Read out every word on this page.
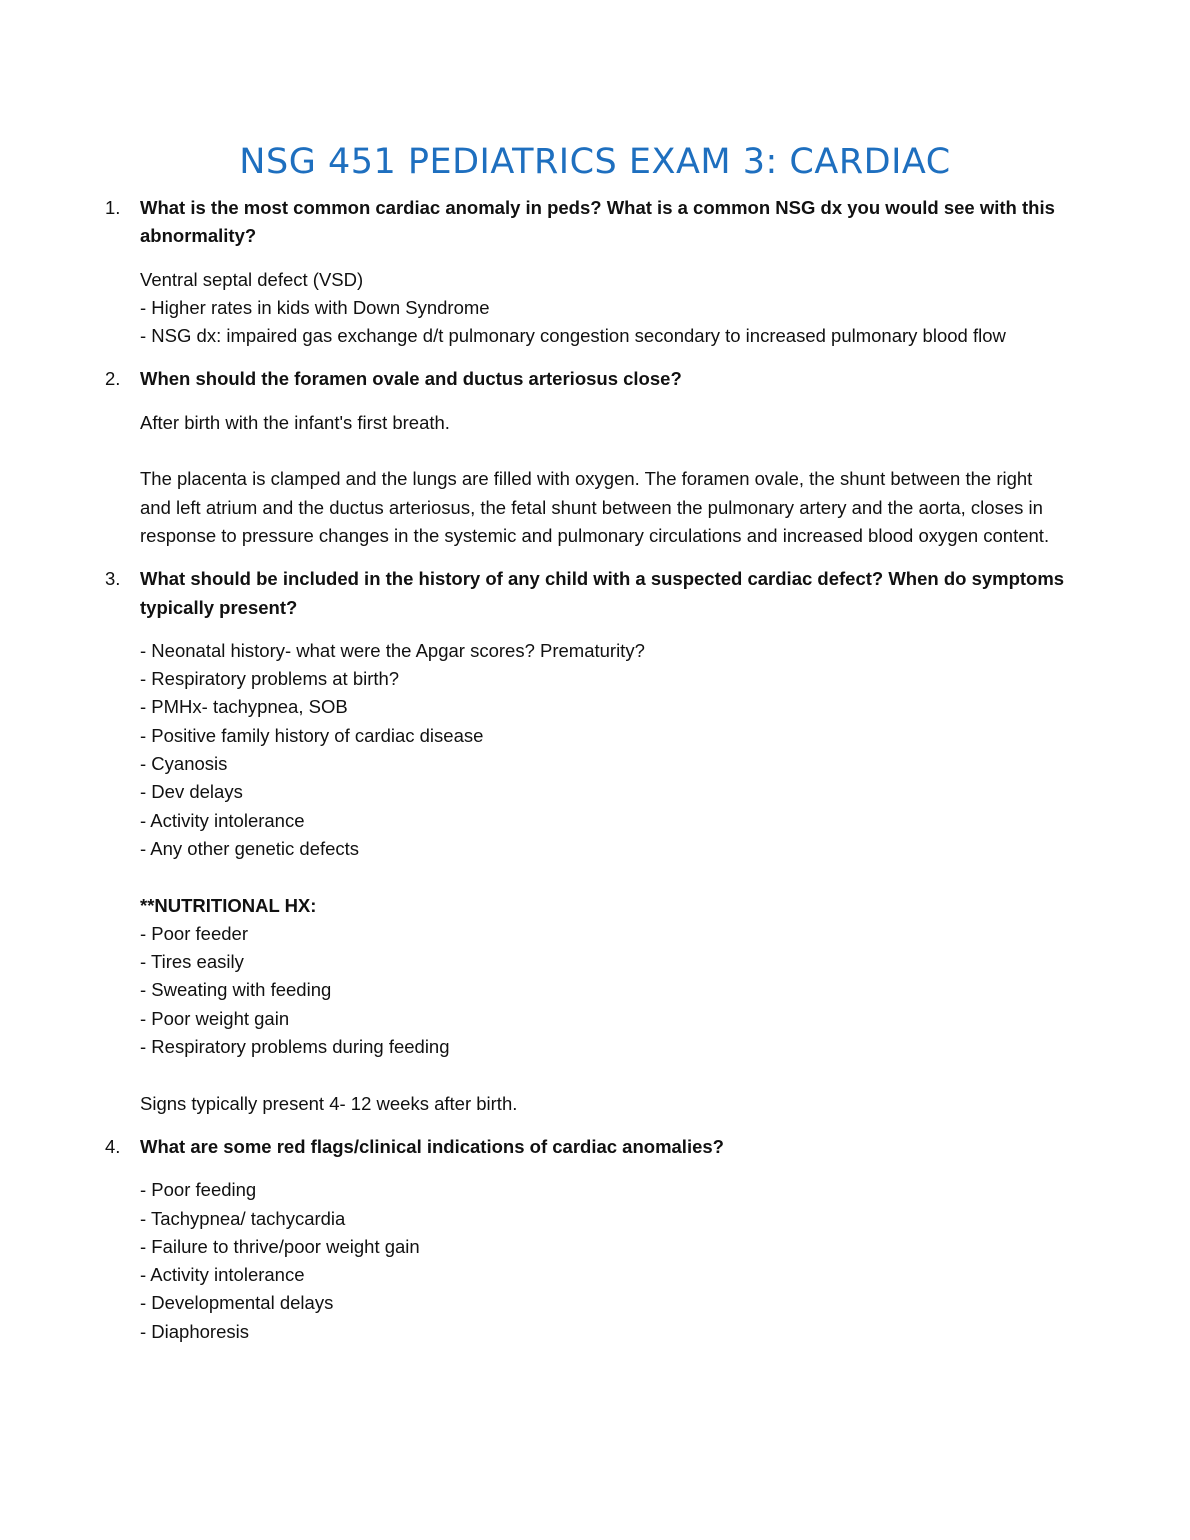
NSG 451 PEDIATRICS EXAM 3: CARDIAC
1.	What is the most common cardiac anomaly in peds? What is a common NSG dx you would see with this abnormality?

Ventral septal defect (VSD)
- Higher rates in kids with Down Syndrome
- NSG dx: impaired gas exchange d/t pulmonary congestion secondary to increased pulmonary blood flow
2.	When should the foramen ovale and ductus arteriosus close?

After birth with the infant's first breath.
The placenta is clamped and the lungs are filled with oxygen. The foramen ovale, the shunt between the right and left atrium and the ductus arteriosus, the fetal shunt between the pulmonary artery and the aorta, closes in response to pressure changes in the systemic and pulmonary circulations and increased blood oxygen content.
3.	What should be included in the history of any child with a suspected cardiac defect? When do symptoms typically present?

- Neonatal history- what were the Apgar scores? Prematurity?
- Respiratory problems at birth?
- PMHx- tachypnea, SOB
- Positive family history of cardiac disease
- Cyanosis
- Dev delays
- Activity intolerance
- Any other genetic defects
**NUTRITIONAL HX:
- Poor feeder
- Tires easily
- Sweating with feeding
- Poor weight gain
- Respiratory problems during feeding
Signs typically present 4- 12 weeks after birth.
4.	What are some red flags/clinical indications of cardiac anomalies?

- Poor feeding
- Tachypnea/ tachycardia
- Failure to thrive/poor weight gain
- Activity intolerance
- Developmental delays
- Diaphoresis
